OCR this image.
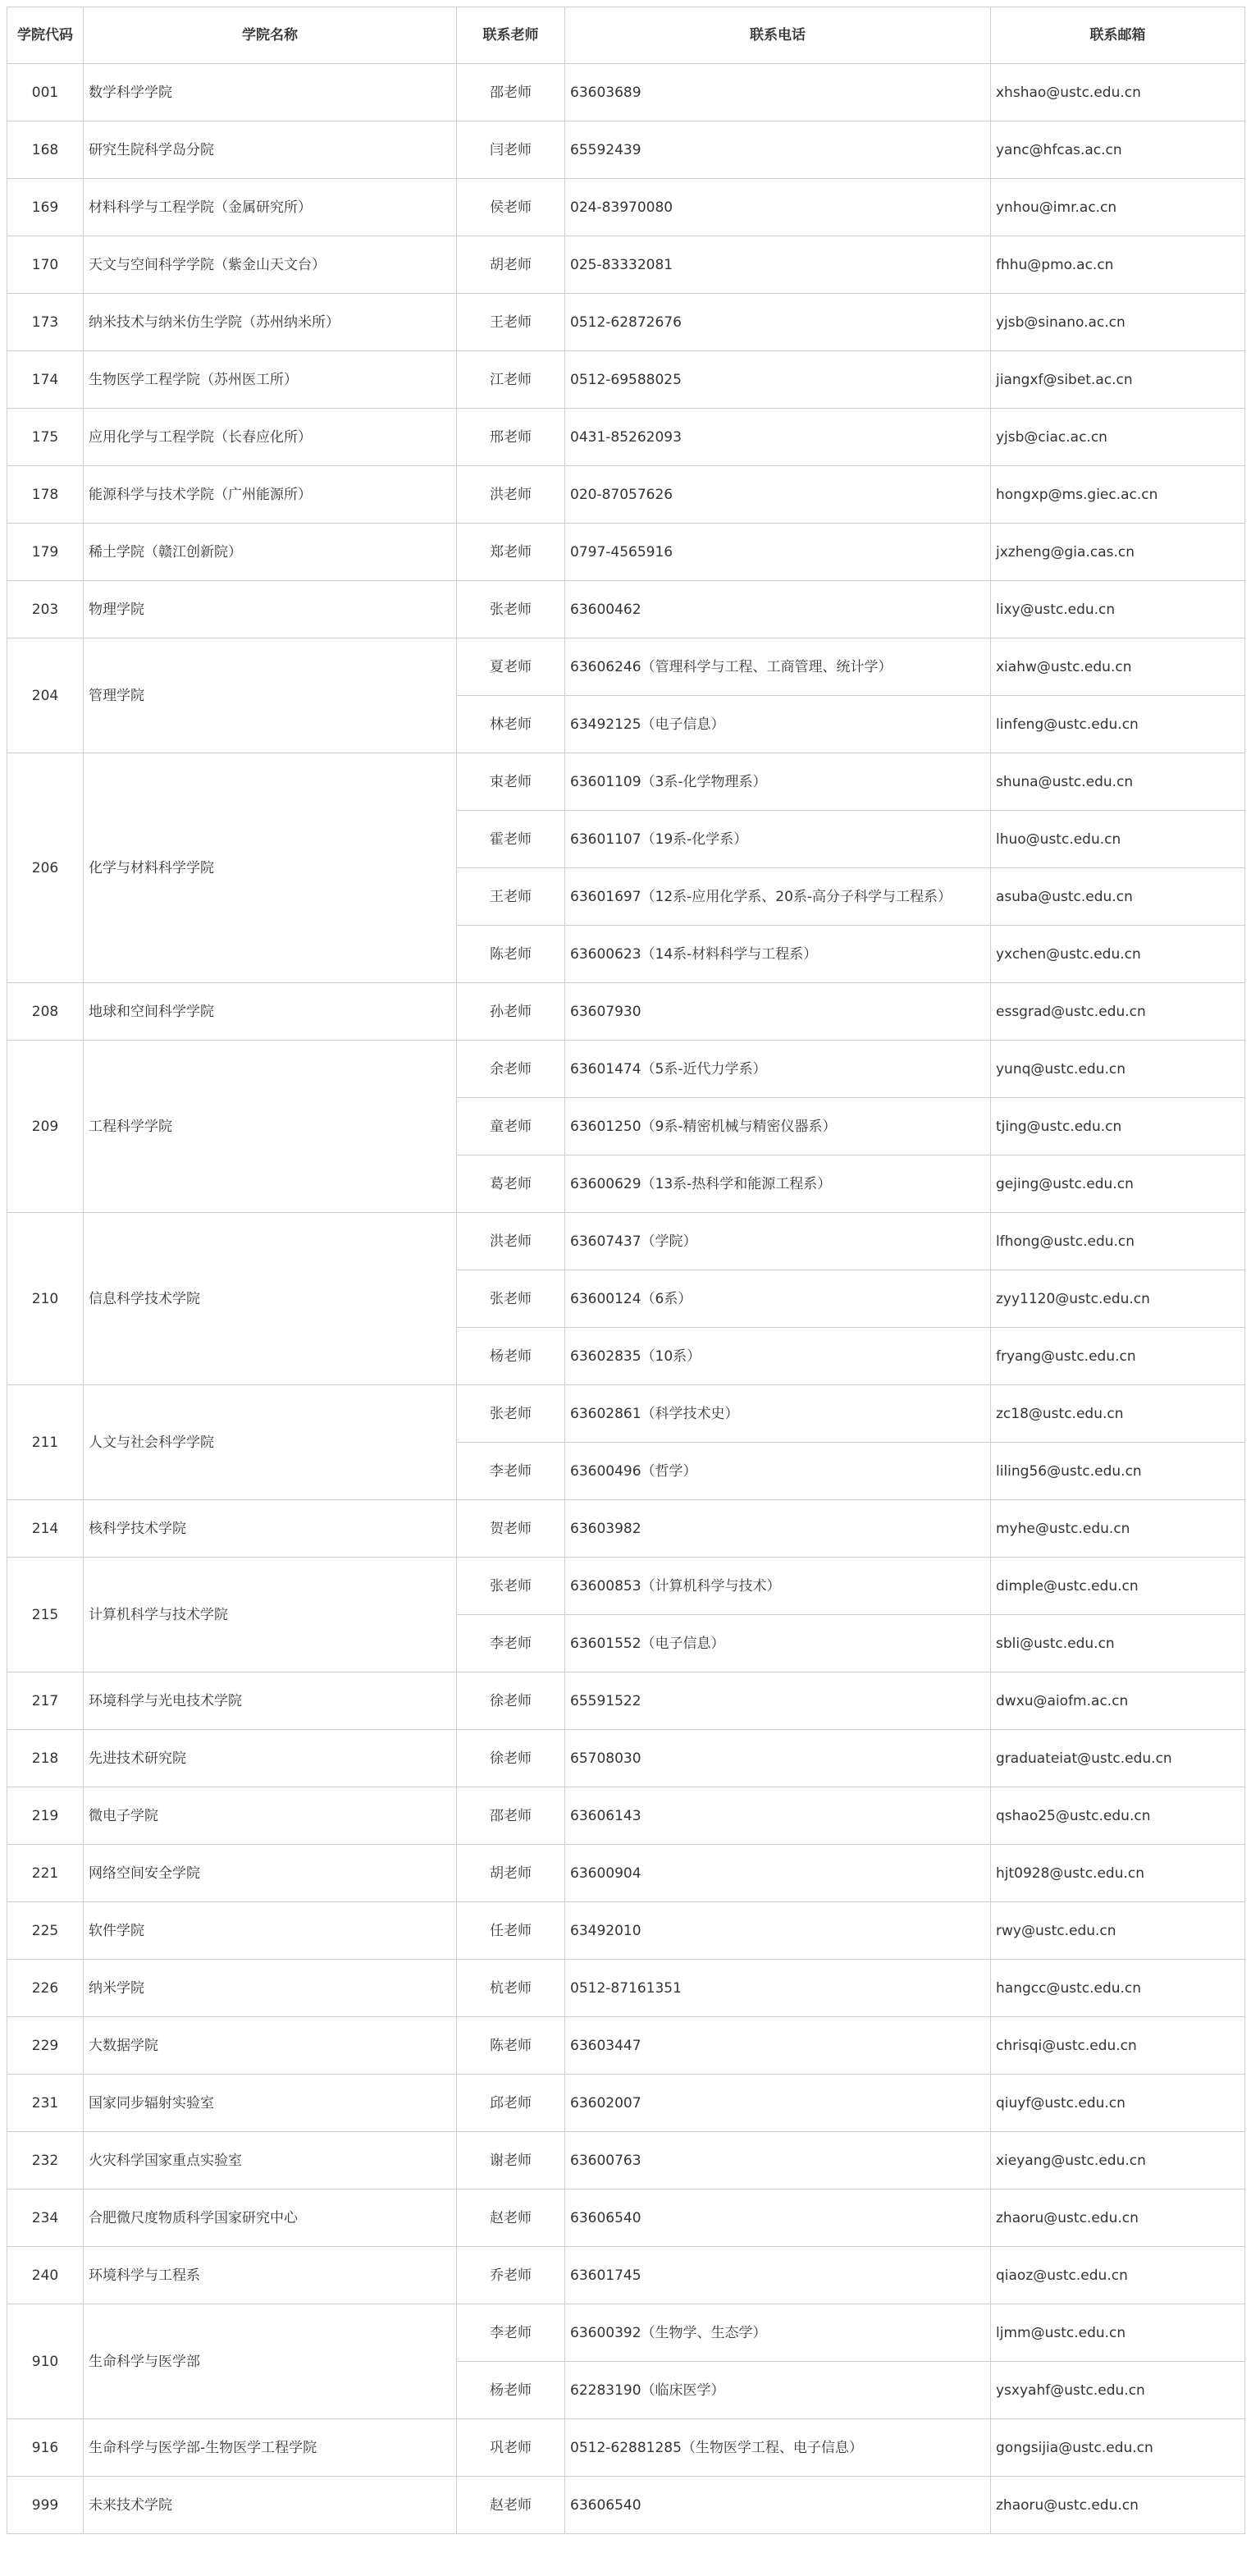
学院代码	学院名称	联系老师	联系电话	联系邮箱
001	数学科学学院	邵老师	63603689	xhshao@ustc.edu.cn
168	研究生院科学岛分院	闫老师	65592439	yanc@hfcas.ac.cn
169	材料科学与工程学院（金属研究所）	侯老师	024-83970080	ynhou@imr.ac.cn
170	天文与空间科学学院（紫金山天文台）	胡老师	025-83332081	fhhu@pmo.ac.cn
173	纳米技术与纳米仿生学院（苏州纳米所）	王老师	0512-62872676	yjsb@sinano.ac.cn
174	生物医学工程学院（苏州医工所）	江老师	0512-69588025	jiangxf@sibet.ac.cn
175	应用化学与工程学院（长春应化所）	邢老师	0431-85262093	yjsb@ciac.ac.cn
178	能源科学与技术学院（广州能源所）	洪老师	020-87057626	hongxp@ms.giec.ac.cn
179	稀土学院（赣江创新院）	郑老师	0797-4565916	jxzheng@gia.cas.cn
203	物理学院	张老师	63600462	lixy@ustc.edu.cn
204	管理学院	夏老师	63606246（管理科学与工程、工商管理、统计学）	xiahw@ustc.edu.cn
		林老师	63492125（电子信息）	linfeng@ustc.edu.cn
206	化学与材料科学学院	束老师	63601109（3系-化学物理系）	shuna@ustc.edu.cn
		霍老师	63601107（19系-化学系）	lhuo@ustc.edu.cn
		王老师	63601697（12系-应用化学系、20系-高分子科学与工程系）	asuba@ustc.edu.cn
		陈老师	63600623（14系-材料科学与工程系）	yxchen@ustc.edu.cn
208	地球和空间科学学院	孙老师	63607930	essgrad@ustc.edu.cn
209	工程科学学院	余老师	63601474（5系-近代力学系）	yunq@ustc.edu.cn
		童老师	63601250（9系-精密机械与精密仪器系）	tjing@ustc.edu.cn
		葛老师	63600629（13系-热科学和能源工程系）	gejing@ustc.edu.cn
210	信息科学技术学院	洪老师	63607437（学院）	lfhong@ustc.edu.cn
		张老师	63600124（6系）	zyy1120@ustc.edu.cn
		杨老师	63602835（10系）	fryang@ustc.edu.cn
211	人文与社会科学学院	张老师	63602861（科学技术史）	zc18@ustc.edu.cn
		李老师	63600496（哲学）	liling56@ustc.edu.cn
214	核科学技术学院	贺老师	63603982	myhe@ustc.edu.cn
215	计算机科学与技术学院	张老师	63600853（计算机科学与技术）	dimple@ustc.edu.cn
		李老师	63601552（电子信息）	sbli@ustc.edu.cn
217	环境科学与光电技术学院	徐老师	65591522	dwxu@aiofm.ac.cn
218	先进技术研究院	徐老师	65708030	graduateiat@ustc.edu.cn
219	微电子学院	邵老师	63606143	qshao25@ustc.edu.cn
221	网络空间安全学院	胡老师	63600904	hjt0928@ustc.edu.cn
225	软件学院	任老师	63492010	rwy@ustc.edu.cn
226	纳米学院	杭老师	0512-87161351	hangcc@ustc.edu.cn
229	大数据学院	陈老师	63603447	chrisqi@ustc.edu.cn
231	国家同步辐射实验室	邱老师	63602007	qiuyf@ustc.edu.cn
232	火灾科学国家重点实验室	谢老师	63600763	xieyang@ustc.edu.cn
234	合肥微尺度物质科学国家研究中心	赵老师	63606540	zhaoru@ustc.edu.cn
240	环境科学与工程系	乔老师	63601745	qiaoz@ustc.edu.cn
910	生命科学与医学部	李老师	63600392（生物学、生态学）	ljmm@ustc.edu.cn
		杨老师	62283190（临床医学）	ysxyahf@ustc.edu.cn
916	生命科学与医学部-生物医学工程学院	巩老师	0512-62881285（生物医学工程、电子信息）	gongsijia@ustc.edu.cn
999	未来技术学院	赵老师	63606540	zhaoru@ustc.edu.cn
